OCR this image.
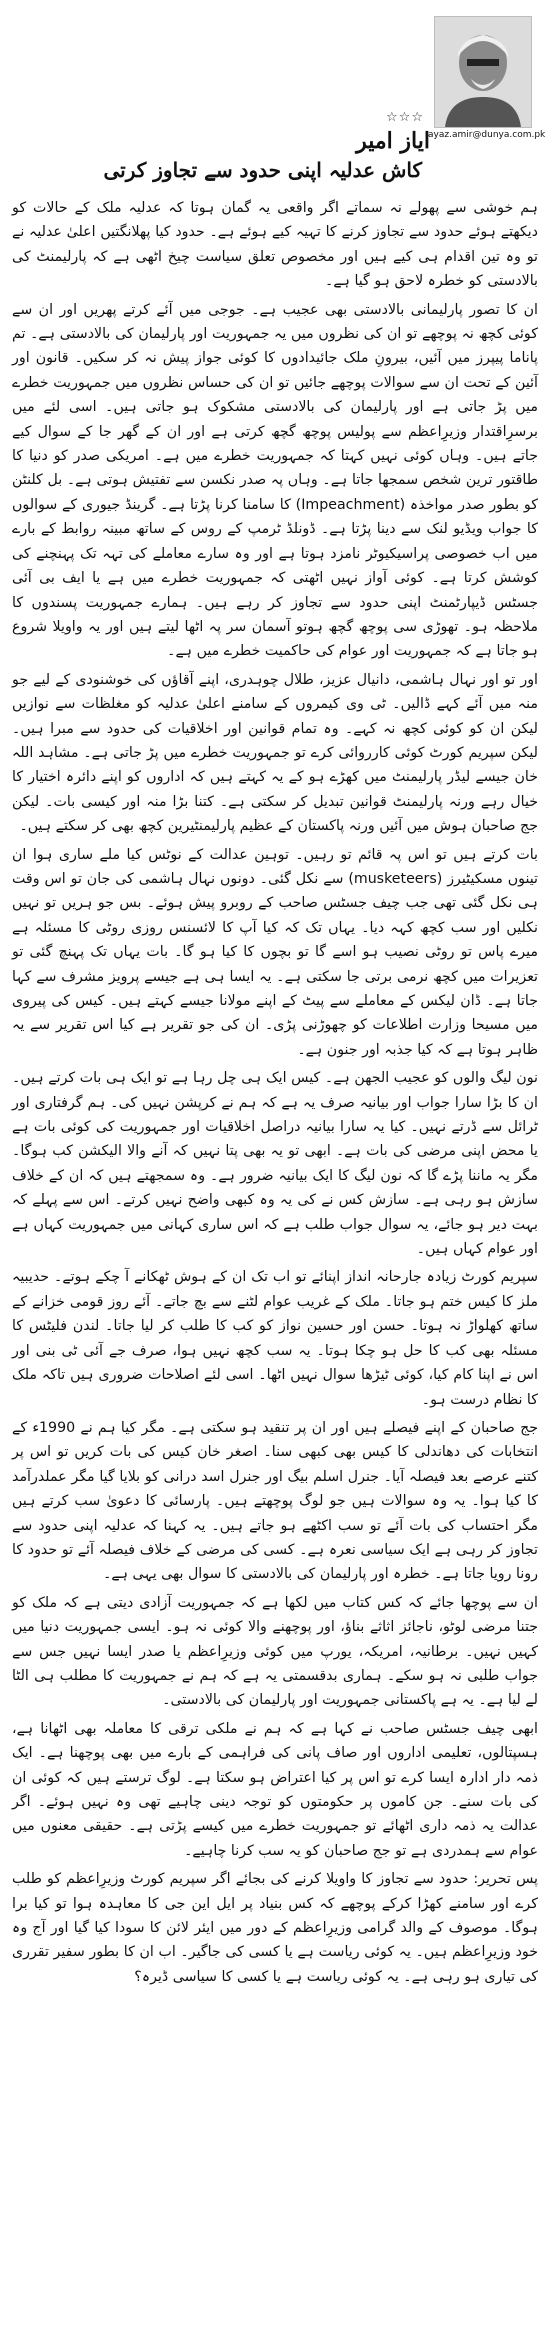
☆☆☆
ایاز امیر
ayaz.amir@dunya.com.pk
کاش عدلیہ اپنی حدود سے تجاوز کرتی

ہم خوشی سے پھولے نہ سماتے اگر واقعی یہ گمان ہوتا کہ عدلیہ ملک کے حالات کو دیکھتے ہوئے حدود سے تجاوز کرنے کا تہیہ کیے ہوئے ہے۔ حدود کیا پھلانگتیں اعلیٰ عدلیہ نے تو وہ تین اقدام ہی کیے ہیں اور مخصوص تعلق سیاست چیخ اٹھی ہے کہ پارلیمنٹ کی بالادستی کو خطرہ لاحق ہو گیا ہے۔

ان کا تصور پارلیمانی بالادستی بھی عجیب ہے۔ جوجی میں آئے کرتے پھریں اور ان سے کوئی کچھ نہ پوچھے تو ان کی نظروں میں یہ جمہوریت اور پارلیمان کی بالادستی ہے۔ تم پاناما پیپرز میں آئیں، بیرونِ ملک جائیدادوں کا کوئی جواز پیش نہ کر سکیں۔ قانون اور آئین کے تحت ان سے سوالات پوچھے جائیں تو ان کی حساس نظروں میں جمہوریت خطرے میں پڑ جاتی ہے اور پارلیمان کی بالادستی مشکوک ہو جاتی ہیں۔ اسی لئے میں برسرِاقتدار وزیرِاعظم سے پولیس پوچھ گچھ کرتی ہے اور ان کے گھر جا کے سوال کیے جاتے ہیں۔ وہاں کوئی نہیں کہتا کہ جمہوریت خطرے میں ہے۔ امریکی صدر کو دنیا کا طاقتور ترین شخص سمجھا جاتا ہے۔ وہاں پہ صدر نکسن سے تفتیش ہوتی ہے۔ بل کلنٹن کو بطور صدر مواخذہ (Impeachment) کا سامنا کرنا پڑتا ہے۔ گرینڈ جیوری کے سوالوں کا جواب ویڈیو لنک سے دینا پڑتا ہے۔ ڈونلڈ ٹرمپ کے روس کے ساتھ مبینہ روابط کے بارے میں اب خصوصی پراسیکیوٹر نامزد ہوتا ہے اور وہ سارے معاملے کی تہہ تک پہنچنے کی کوشش کرتا ہے۔ کوئی آواز نہیں اٹھتی کہ جمہوریت خطرے میں ہے یا ایف بی آئی جسٹس ڈیپارٹمنٹ اپنی حدود سے تجاوز کر رہے ہیں۔ ہمارے جمہوریت پسندوں کا ملاحظہ ہو۔ تھوڑی سی پوچھ گچھ ہوتو آسمان سر پہ اٹھا لیتے ہیں اور یہ واویلا شروع ہو جاتا ہے کہ جمہوریت اور عوام کی حاکمیت خطرے میں ہے۔

اور تو اور نہال ہاشمی، دانیال عزیز، طلال چوہدری، اپنے آقاؤں کی خوشنودی کے لیے جو منہ میں آئے کہے ڈالیں۔ ٹی وی کیمروں کے سامنے اعلیٰ عدلیہ کو مغلظات سے نوازیں لیکن ان کو کوئی کچھ نہ کہے۔ وہ تمام قوانین اور اخلاقیات کی حدود سے مبرا ہیں۔ لیکن سپریم کورٹ کوئی کارروائی کرے تو جمہوریت خطرے میں پڑ جاتی ہے۔ مشاہد اللہ خان جیسے لیڈر پارلیمنٹ میں کھڑے ہو کے یہ کہتے ہیں کہ اداروں کو اپنے دائرہ اختیار کا خیال رہے ورنہ پارلیمنٹ قوانین تبدیل کر سکتی ہے۔ کتنا بڑا منہ اور کیسی بات۔ لیکن جج صاحبان ہوش میں آئیں ورنہ پاکستان کے عظیم پارلیمنٹیرین کچھ بھی کر سکتے ہیں۔

بات کرتے ہیں تو اس پہ قائم تو رہیں۔ توہین عدالت کے نوٹس کیا ملے ساری ہوا ان تینوں مسکیٹیرز (musketeers) سے نکل گئی۔ دونوں نہال ہاشمی کی جان تو اس وقت ہی نکل گئی تھی جب چیف جسٹس صاحب کے روبرو پیش ہوئے۔ بس جو ہریں تو نہیں نکلیں اور سب کچھ کہہ دیا۔ یہاں تک کہ کیا آپ کا لائسنس روزی روٹی کا مسئلہ ہے میرے پاس تو روٹی نصیب ہو اسے گا تو بچوں کا کیا ہو گا۔ بات یہاں تک پہنچ گئی تو تعزیرات میں کچھ نرمی برتی جا سکتی ہے۔ یہ ایسا ہی ہے جیسے پرویز مشرف سے کہا جاتا ہے۔ ڈان لیکس کے معاملے سے پیٹ کے اپنے مولانا جیسے کہتے ہیں۔ کیس کی پیروی میں مسیحا وزارت اطلاعات کو چھوڑنی پڑی۔ ان کی جو تقریر ہے کیا اس تقریر سے یہ ظاہر ہوتا ہے کہ کیا جذبہ اور جنون ہے۔

نون لیگ والوں کو عجیب الجھن ہے۔ کیس ایک ہی چل رہا ہے تو ایک ہی بات کرتے ہیں۔ ان کا بڑا سارا جواب اور بیانیہ صرف یہ ہے کہ ہم نے کرپشن نہیں کی۔ ہم گرفتاری اور ٹرائل سے ڈرتے نہیں۔ کیا یہ سارا بیانیہ دراصل اخلاقیات اور جمہوریت کی کوئی بات ہے یا محض اپنی مرضی کی بات ہے۔ ابھی تو یہ بھی پتا نہیں کہ آنے والا الیکشن کب ہوگا۔ مگر یہ ماننا پڑے گا کہ نون لیگ کا ایک بیانیہ ضرور ہے۔ وہ سمجھتے ہیں کہ ان کے خلاف سازش ہو رہی ہے۔ سازش کس نے کی یہ وہ کبھی واضح نہیں کرتے۔ اس سے پہلے کہ بہت دیر ہو جائے، یہ سوال جواب طلب ہے کہ اس ساری کہانی میں جمہوریت کہاں ہے اور عوام کہاں ہیں۔

سپریم کورٹ زیادہ جارحانہ انداز اپنائے تو اب تک ان کے ہوش ٹھکانے آ چکے ہوتے۔ حدیبیہ ملز کا کیس ختم ہو جاتا۔ ملک کے غریب عوام لٹنے سے بچ جاتے۔ آئے روز قومی خزانے کے ساتھ کھلواڑ نہ ہوتا۔ حسن اور حسین نواز کو کب کا طلب کر لیا جاتا۔ لندن فلیٹس کا مسئلہ بھی کب کا حل ہو چکا ہوتا۔ یہ سب کچھ نہیں ہوا، صرف جے آئی ٹی بنی اور اس نے اپنا کام کیا، کوئی ٹیڑھا سوال نہیں اٹھا۔ اسی لئے اصلاحات ضروری ہیں تاکہ ملک کا نظام درست ہو۔

جج صاحبان کے اپنے فیصلے ہیں اور ان پر تنقید ہو سکتی ہے۔ مگر کیا ہم نے 1990ء کے انتخابات کی دھاندلی کا کیس بھی کبھی سنا۔ اصغر خان کیس کی بات کریں تو اس پر کتنے عرصے بعد فیصلہ آیا۔ جنرل اسلم بیگ اور جنرل اسد درانی کو بلایا گیا مگر عملدرآمد کا کیا ہوا۔ یہ وہ سوالات ہیں جو لوگ پوچھتے ہیں۔ پارسائی کا دعویٰ سب کرتے ہیں مگر احتساب کی بات آئے تو سب اکٹھے ہو جاتے ہیں۔ یہ کہنا کہ عدلیہ اپنی حدود سے تجاوز کر رہی ہے ایک سیاسی نعرہ ہے۔ کسی کی مرضی کے خلاف فیصلہ آئے تو حدود کا رونا رویا جاتا ہے۔ خطرہ اور پارلیمان کی بالادستی کا سوال بھی یہی ہے۔

ان سے پوچھا جائے کہ کس کتاب میں لکھا ہے کہ جمہوریت آزادی دیتی ہے کہ ملک کو جتنا مرضی لوٹو، ناجائز اثاثے بناؤ، اور پوچھنے والا کوئی نہ ہو۔ ایسی جمہوریت دنیا میں کہیں نہیں۔ برطانیہ، امریکہ، یورپ میں کوئی وزیرِاعظم یا صدر ایسا نہیں جس سے جواب طلبی نہ ہو سکے۔ ہماری بدقسمتی یہ ہے کہ ہم نے جمہوریت کا مطلب ہی الٹا لے لیا ہے۔ یہ ہے پاکستانی جمہوریت اور پارلیمان کی بالادستی۔

ابھی چیف جسٹس صاحب نے کہا ہے کہ ہم نے ملکی ترقی کا معاملہ بھی اٹھانا ہے، ہسپتالوں، تعلیمی اداروں اور صاف پانی کی فراہمی کے بارے میں بھی پوچھنا ہے۔ ایک ذمہ دار ادارہ ایسا کرے تو اس پر کیا اعتراض ہو سکتا ہے۔ لوگ ترستے ہیں کہ کوئی ان کی بات سنے۔ جن کاموں پر حکومتوں کو توجہ دینی چاہیے تھی وہ نہیں ہوئے۔ اگر عدالت یہ ذمہ داری اٹھائے تو جمہوریت خطرے میں کیسے پڑتی ہے۔ حقیقی معنوں میں عوام سے ہمدردی ہے تو جج صاحبان کو یہ سب کرنا چاہیے۔

پس تحریر: حدود سے تجاوز کا واویلا کرنے کی بجائے اگر سپریم کورٹ وزیرِاعظم کو طلب کرے اور سامنے کھڑا کرکے پوچھے کہ کس بنیاد پر ایل این جی کا معاہدہ ہوا تو کیا برا ہوگا۔ موصوف کے والد گرامی وزیرِاعظم کے دور میں ایئر لائن کا سودا کیا گیا اور آج وہ خود وزیرِاعظم ہیں۔ یہ کوئی ریاست ہے یا کسی کی جاگیر۔ اب ان کا بطور سفیر تقرری کی تیاری ہو رہی ہے۔ یہ کوئی ریاست ہے یا کسی کا سیاسی ڈیرہ؟
